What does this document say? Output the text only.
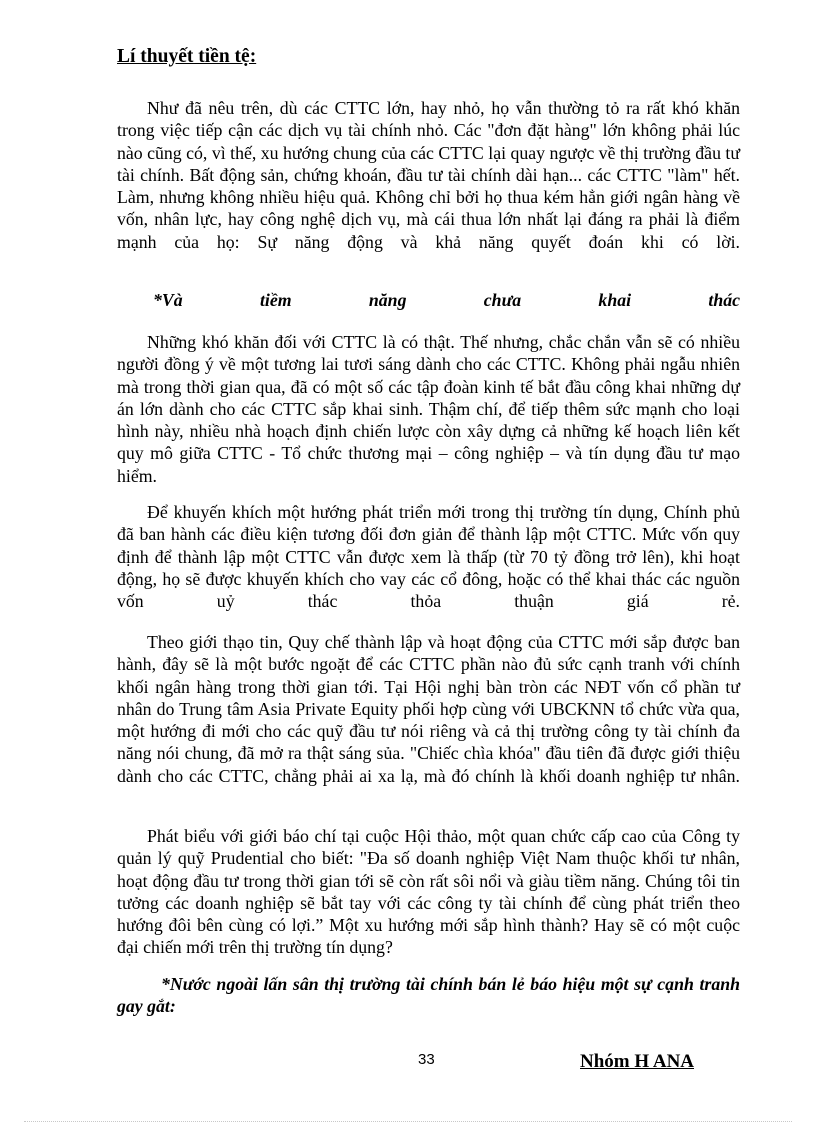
Lí thuyết tiền tệ:

Như đã nêu trên, dù các CTTC lớn, hay nhỏ, họ vẫn thường tỏ ra rất khó khăn trong việc tiếp cận các dịch vụ tài chính nhỏ. Các "đơn đặt hàng" lớn không phải lúc nào cũng có, vì thế, xu hướng chung của các CTTC lại quay ngược về thị trường đầu tư tài chính. Bất động sản, chứng khoán, đầu tư tài chính dài hạn... các CTTC "làm" hết. Làm, nhưng không nhiều hiệu quả. Không chỉ bởi họ thua kém hẳn giới ngân hàng về vốn, nhân lực, hay công nghệ dịch vụ, mà cái thua lớn nhất lại đáng ra phải là điểm mạnh của họ: Sự năng động và khả năng quyết đoán khi có lời.

*Và tiềm năng chưa khai thác

Những khó khăn đối với CTTC là có thật. Thế nhưng, chắc chắn vẫn sẽ có nhiều người đồng ý về một tương lai tươi sáng dành cho các CTTC. Không phải ngẫu nhiên mà trong thời gian qua, đã có một số các tập đoàn kinh tế bắt đầu công khai những dự án lớn dành cho các CTTC sắp khai sinh. Thậm chí, để tiếp thêm sức mạnh cho loại hình này, nhiều nhà hoạch định chiến lược còn xây dựng cả những kế hoạch liên kết quy mô giữa CTTC - Tổ chức thương mại – công nghiệp – và tín dụng đầu tư mạo hiểm.

Để khuyến khích một hướng phát triển mới trong thị trường tín dụng, Chính phủ đã ban hành các điều kiện tương đối đơn giản để thành lập một CTTC. Mức vốn quy định để thành lập một CTTC vẫn được xem là thấp (từ 70 tỷ đồng trở lên), khi hoạt động, họ sẽ được khuyến khích cho vay các cổ đông, hoặc có thể khai thác các nguồn vốn uỷ thác thỏa thuận giá rẻ.

Theo giới thạo tin, Quy chế thành lập và hoạt động của CTTC mới sắp được ban hành, đây sẽ là một bước ngoặt để các CTTC phần nào đủ sức cạnh tranh với chính khối ngân hàng trong thời gian tới. Tại Hội nghị bàn tròn các NĐT vốn cổ phần tư nhân do Trung tâm Asia Private Equity phối hợp cùng với UBCKNN tổ chức vừa qua, một hướng đi mới cho các quỹ đầu tư nói riêng và cả thị trường công ty tài chính đa năng nói chung, đã mở ra thật sáng sủa. "Chiếc chìa khóa" đầu tiên đã được giới thiệu dành cho các CTTC, chẳng phải ai xa lạ, mà đó chính là khối doanh nghiệp tư nhân.

Phát biểu với giới báo chí tại cuộc Hội thảo, một quan chức cấp cao của Công ty quản lý quỹ Prudential cho biết: "Đa số doanh nghiệp Việt Nam thuộc khối tư nhân, hoạt động đầu tư trong thời gian tới sẽ còn rất sôi nổi và giàu tiềm năng. Chúng tôi tin tưởng các doanh nghiệp sẽ bắt tay với các công ty tài chính để cùng phát triển theo hướng đôi bên cùng có lợi.” Một xu hướng mới sắp hình thành? Hay sẽ có một cuộc đại chiến mới trên thị trường tín dụng?

*Nước ngoài lấn sân thị trường tài chính bán lẻ báo hiệu một sự cạnh tranh gay gắt:

33	Nhóm H ANA
